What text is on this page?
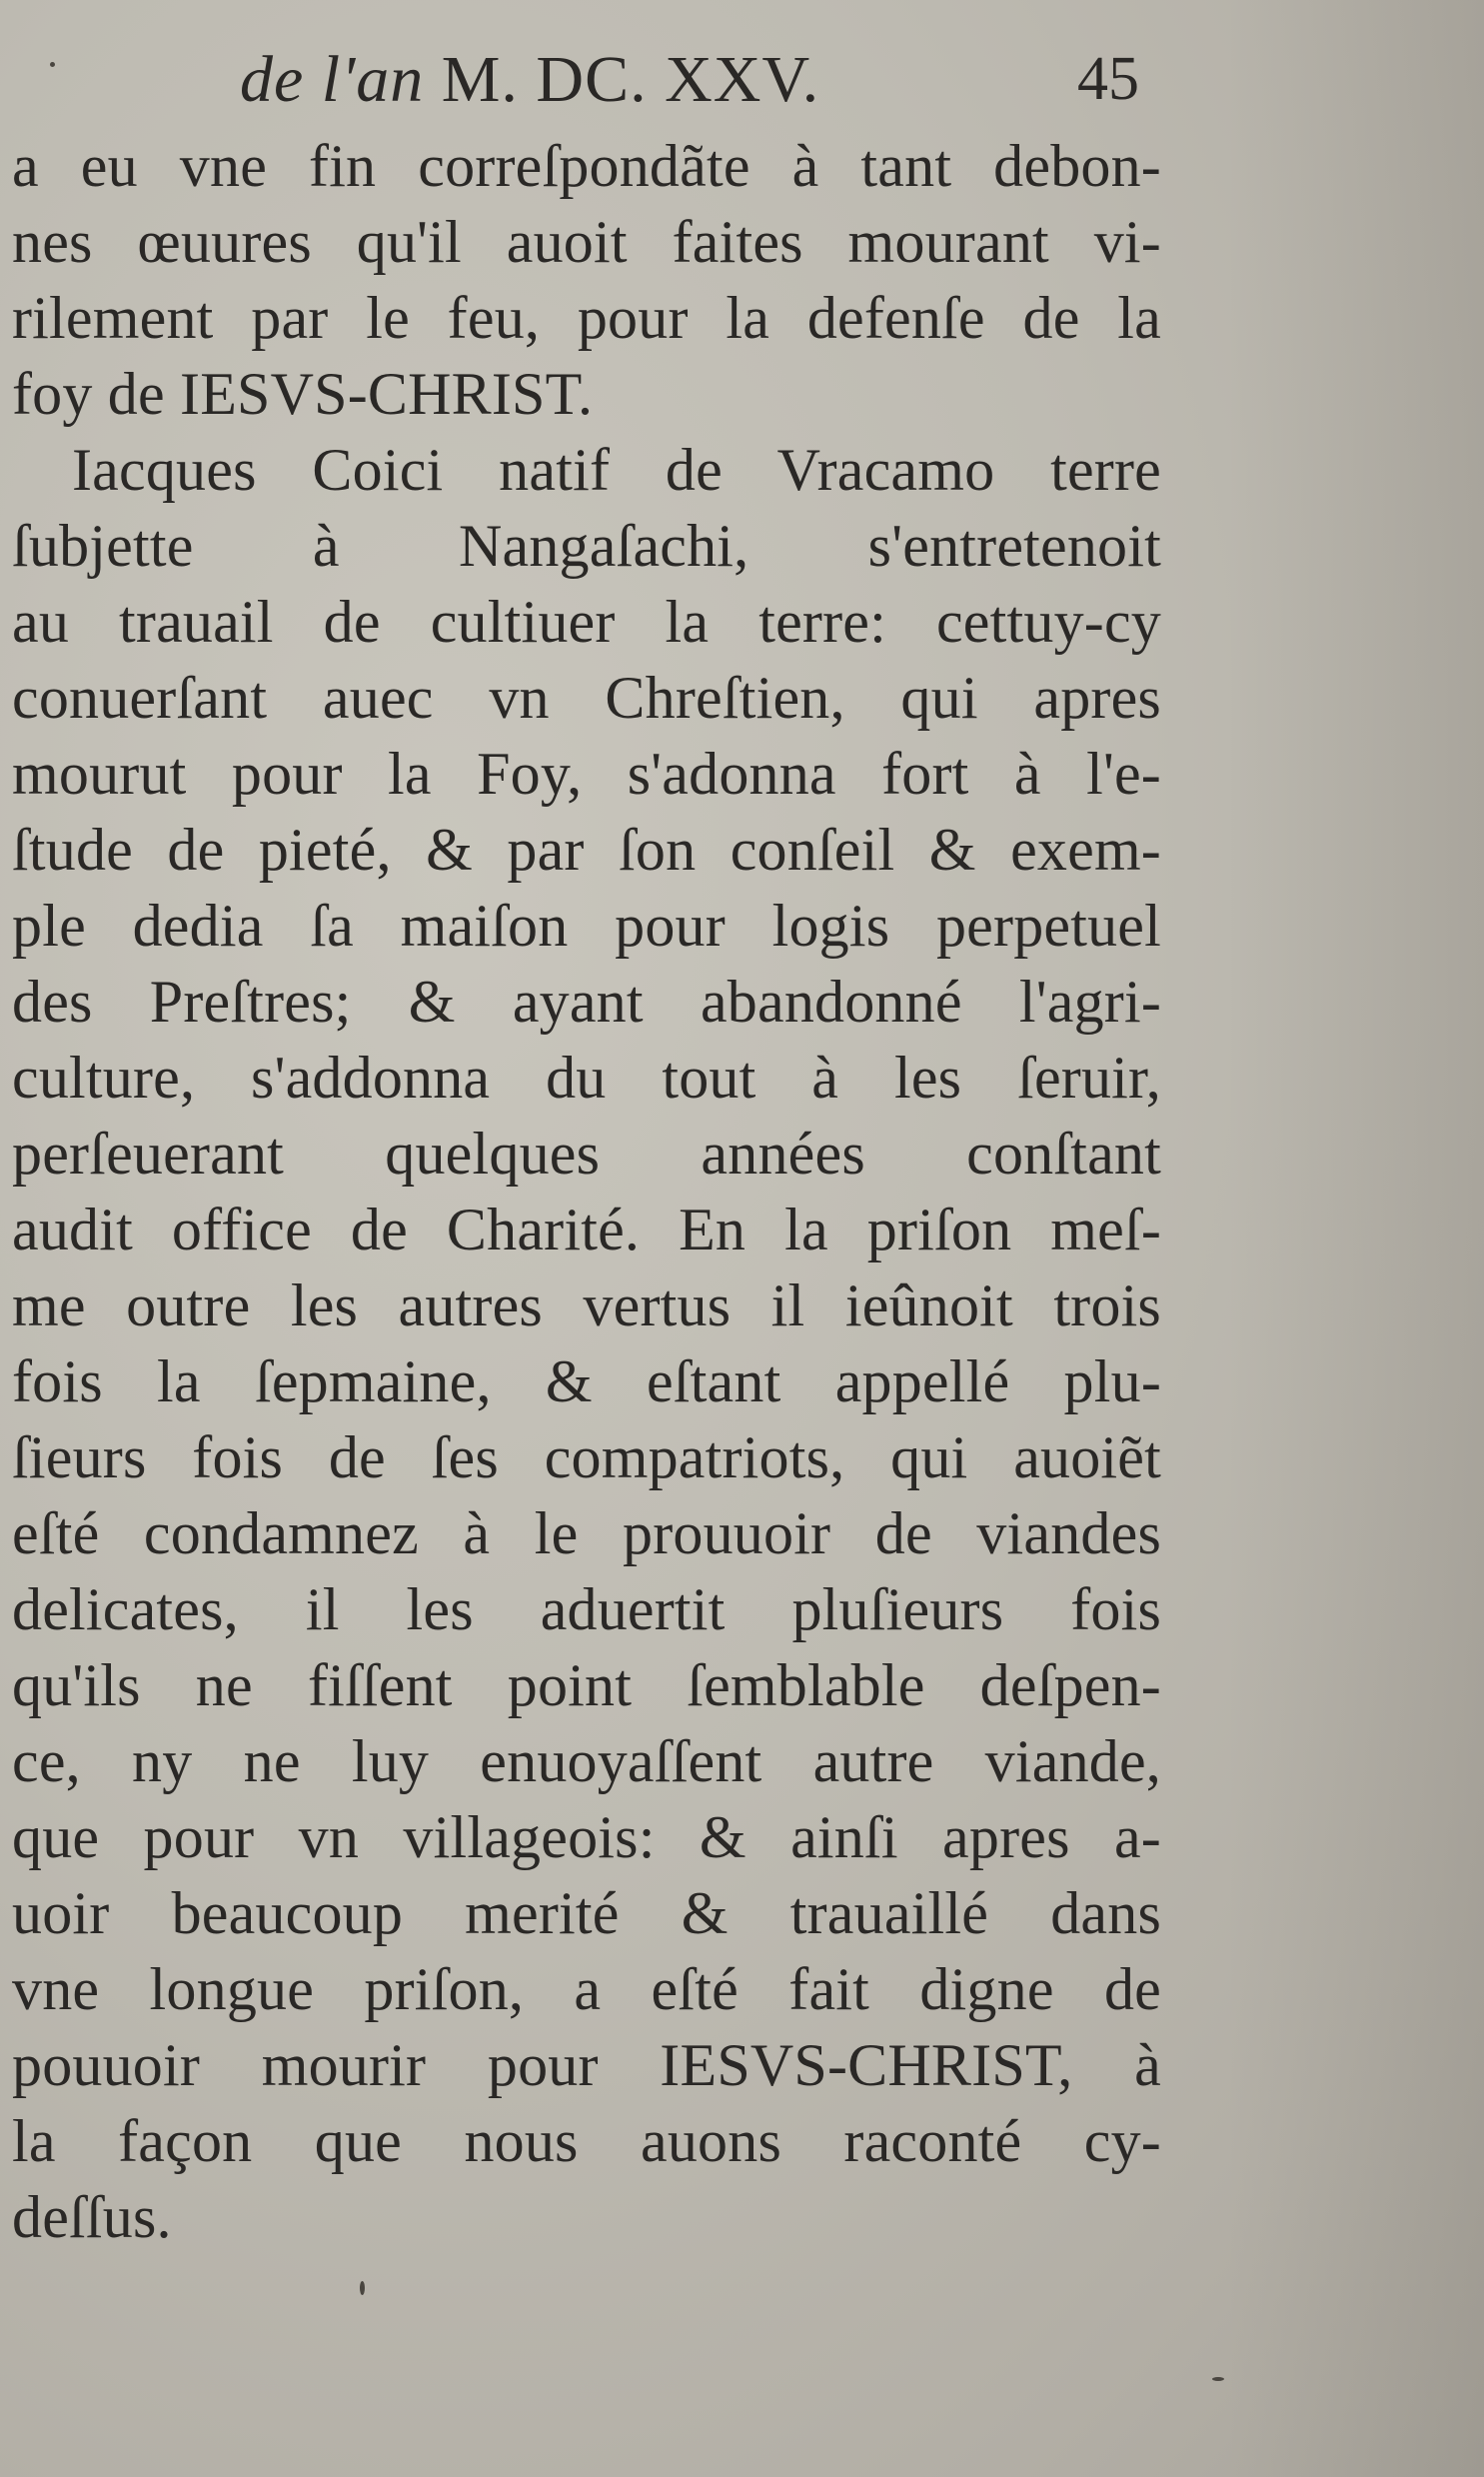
de l'an M. DC. XXV.	45
a eu vne fin correſpondãte à tant debon-
nes œuures qu'il auoit faites mourant vi-
rilement par le feu, pour la defenſe de la
foy de IESVS-CHRIST.
Iacques Coici natif de Vracamo terre
ſubjette à Nangaſachi, s'entretenoit
au trauail de cultiuer la terre: cettuy-cy
conuerſant auec vn Chreſtien, qui apres
mourut pour la Foy, s'adonna fort à l'e-
ſtude de pieté, & par ſon conſeil & exem-
ple dedia ſa maiſon pour logis perpetuel
des Preſtres; & ayant abandonné l'agri-
culture, s'addonna du tout à les ſeruir,
perſeuerant quelques années conſtant
audit office de Charité. En la priſon meſ-
me outre les autres vertus il ieûnoit trois
fois la ſepmaine, & eſtant appellé plu-
ſieurs fois de ſes compatriots, qui auoiẽt
eſté condamnez à le prouuoir de viandes
delicates, il les aduertit pluſieurs fois
qu'ils ne fiſſent point ſemblable deſpen-
ce, ny ne luy enuoyaſſent autre viande,
que pour vn villageois: & ainſi apres a-
uoir beaucoup merité & trauaillé dans
vne longue priſon, a eſté fait digne de
pouuoir mourir pour IESVS-CHRIST, à
la façon que nous auons raconté cy-
deſſus.
